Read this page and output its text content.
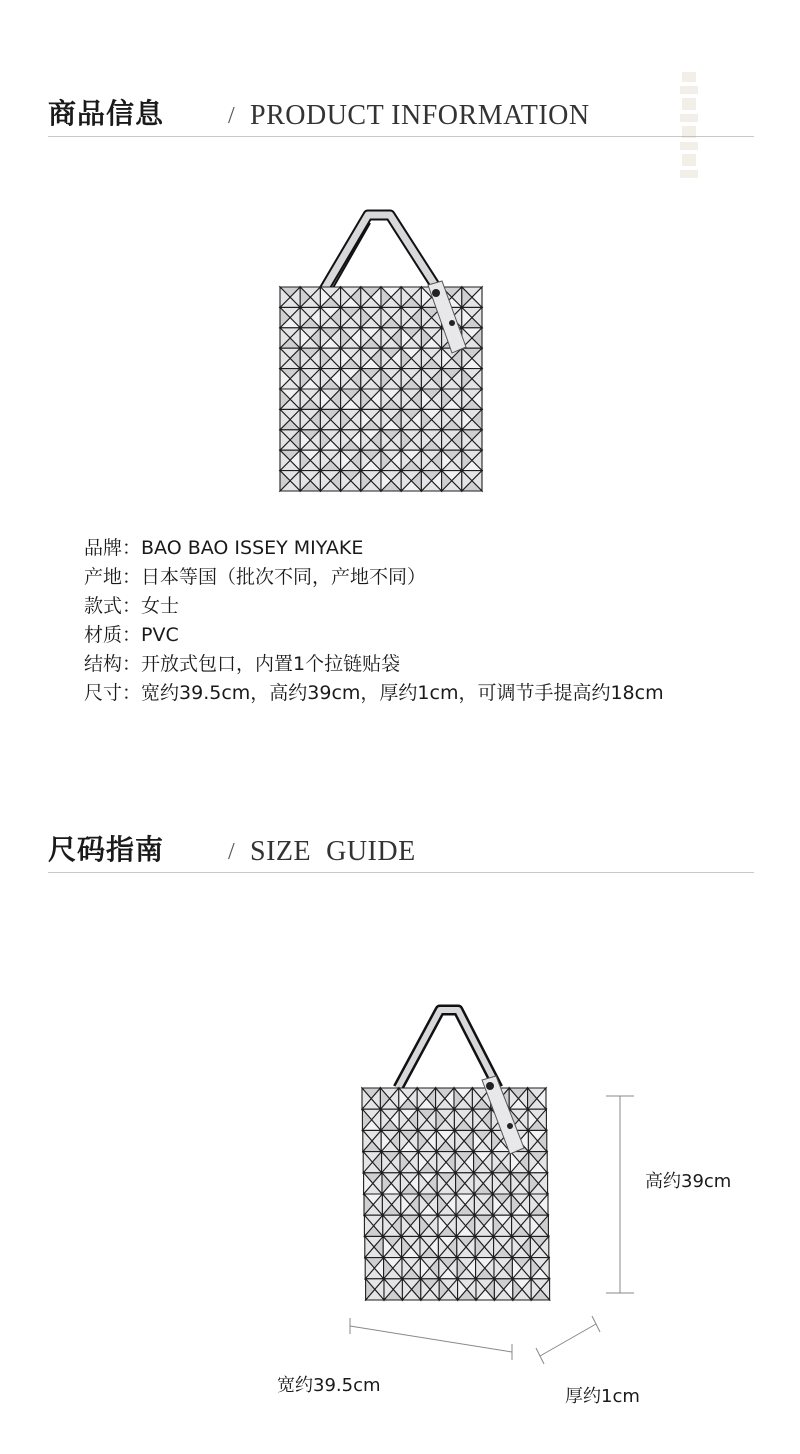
商品信息	/ PRODUCT INFORMATION
品牌：BAO BAO ISSEY MIYAKE
产地：日本等国（批次不同，产地不同）
款式：女士
材质：PVC
结构：开放式包口，内置1个拉链贴袋
尺寸：宽约39.5cm，高约39cm，厚约1cm，可调节手提高约18cm
尺码指南	/ SIZE  GUIDE
高约39cm
宽约39.5cm
厚约1cm
